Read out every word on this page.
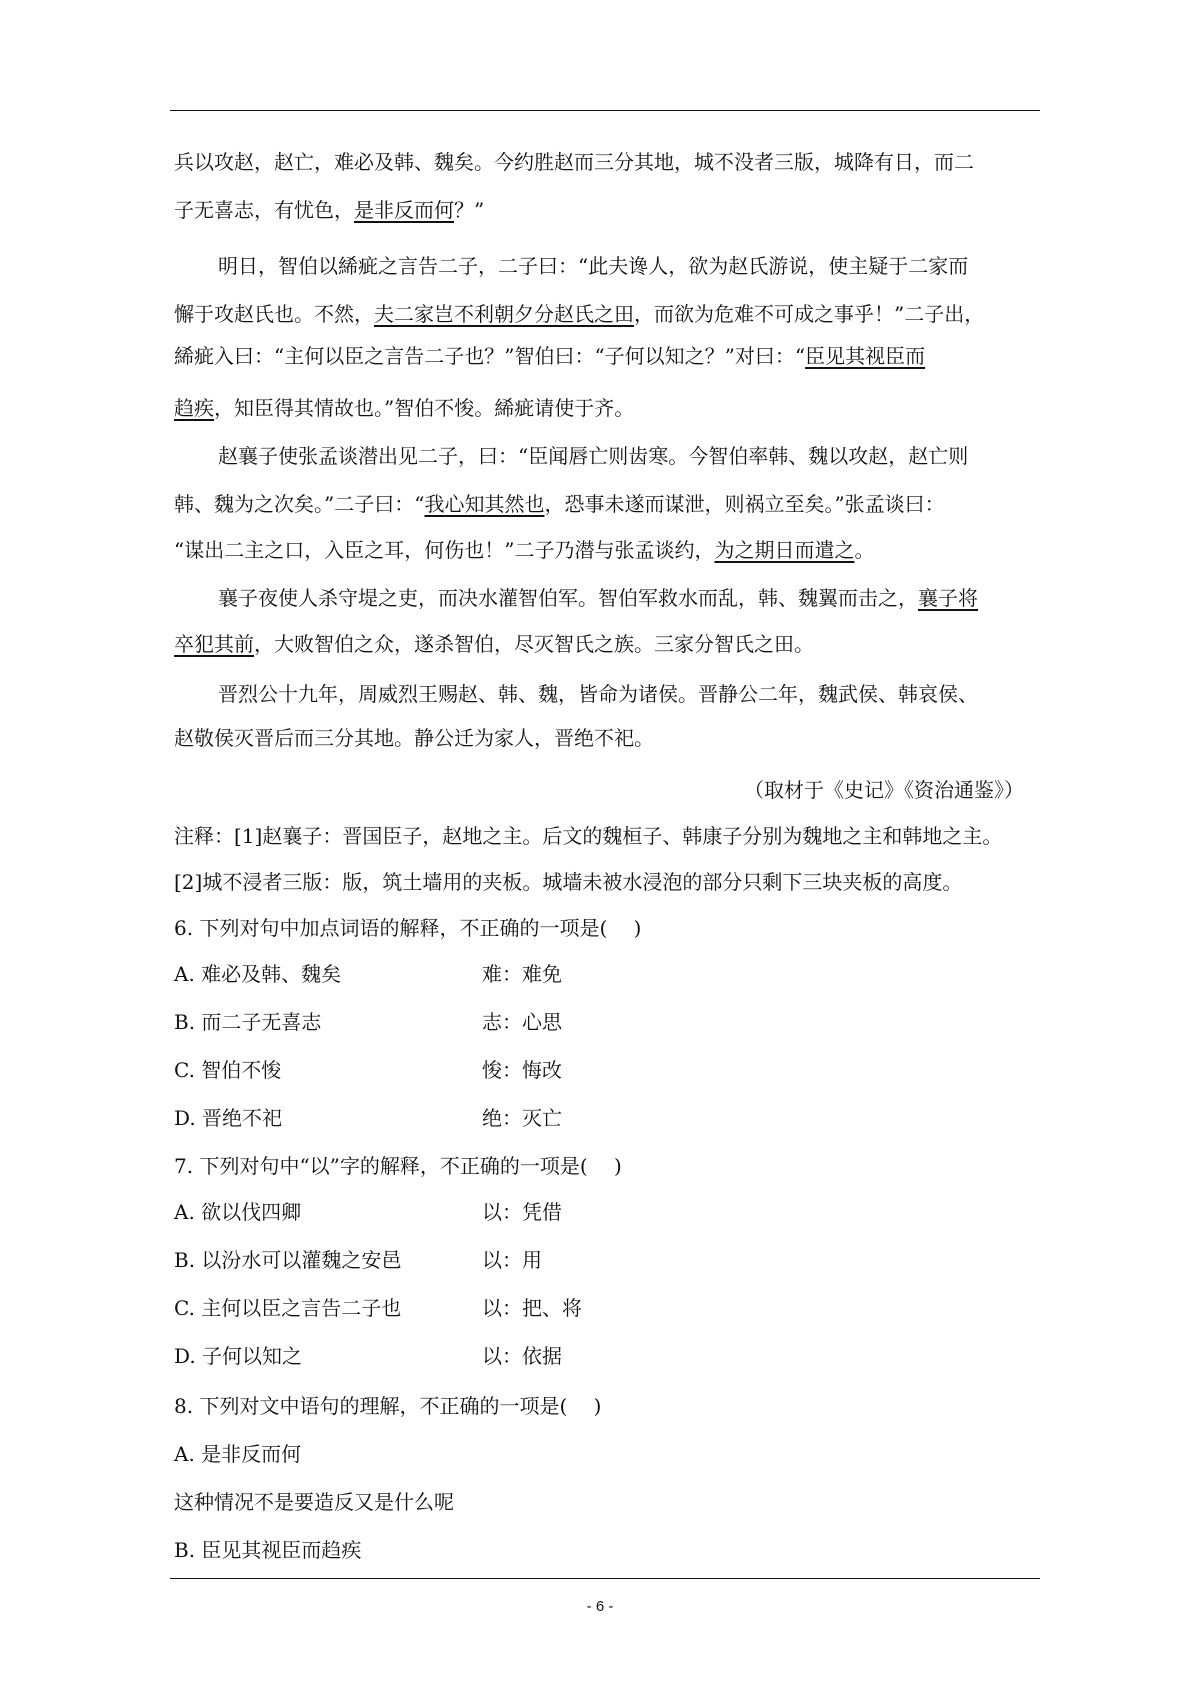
兵以攻赵，赵亡，难必及韩、魏矣。今约胜赵而三分其地，城不没者三版，城降有日，而二
子无喜志，有忧色，是非反而何？”
明日，智伯以絺疵之言告二子，二子曰：“此夫谗人，欲为赵氏游说，使主疑于二家而
懈于攻赵氏也。不然，夫二家岂不利朝夕分赵氏之田，而欲为危难不可成之事乎！”二子出，
絺疵入曰：“主何以臣之言告二子也？”智伯曰：“子何以知之？”对曰：“臣见其视臣而
趋疾，知臣得其情故也。”智伯不悛。絺疵请使于齐。
赵襄子使张孟谈潜出见二子，曰：“臣闻唇亡则齿寒。今智伯率韩、魏以攻赵，赵亡则
韩、魏为之次矣。”二子曰：“我心知其然也，恐事未遂而谋泄，则祸立至矣。”张孟谈曰：
“谋出二主之口，入臣之耳，何伤也！”二子乃潜与张孟谈约，为之期日而遣之。
襄子夜使人杀守堤之吏，而决水灌智伯军。智伯军救水而乱，韩、魏翼而击之，襄子将
卒犯其前，大败智伯之众，遂杀智伯，尽灭智氏之族。三家分智氏之田。
晋烈公十九年，周威烈王赐赵、韩、魏，皆命为诸侯。晋静公二年，魏武侯、韩哀侯、
赵敬侯灭晋后而三分其地。静公迁为家人，晋绝不祀。
（取材于《史记》《资治通鉴》）
注释：[1]赵襄子：晋国臣子，赵地之主。后文的魏桓子、韩康子分别为魏地之主和韩地之主。
[2]城不浸者三版：版，筑土墙用的夹板。城墙未被水浸泡的部分只剩下三块夹板的高度。
6. 下列对句中加点词语的解释，不正确的一项是(　 )
A. 难必及韩、魏矣	难：难免
B. 而二子无喜志	志：心思
C. 智伯不悛	悛：悔改
D. 晋绝不祀	绝：灭亡
7. 下列对句中“以”字的解释，不正确的一项是(　 )
A. 欲以伐四卿	以：凭借
B. 以汾水可以灌魏之安邑	以：用
C. 主何以臣之言告二子也	以：把、将
D. 子何以知之	以：依据
8. 下列对文中语句的理解，不正确的一项是(　 )
A. 是非反而何
这种情况不是要造反又是什么呢
B. 臣见其视臣而趋疾
- 6 -
